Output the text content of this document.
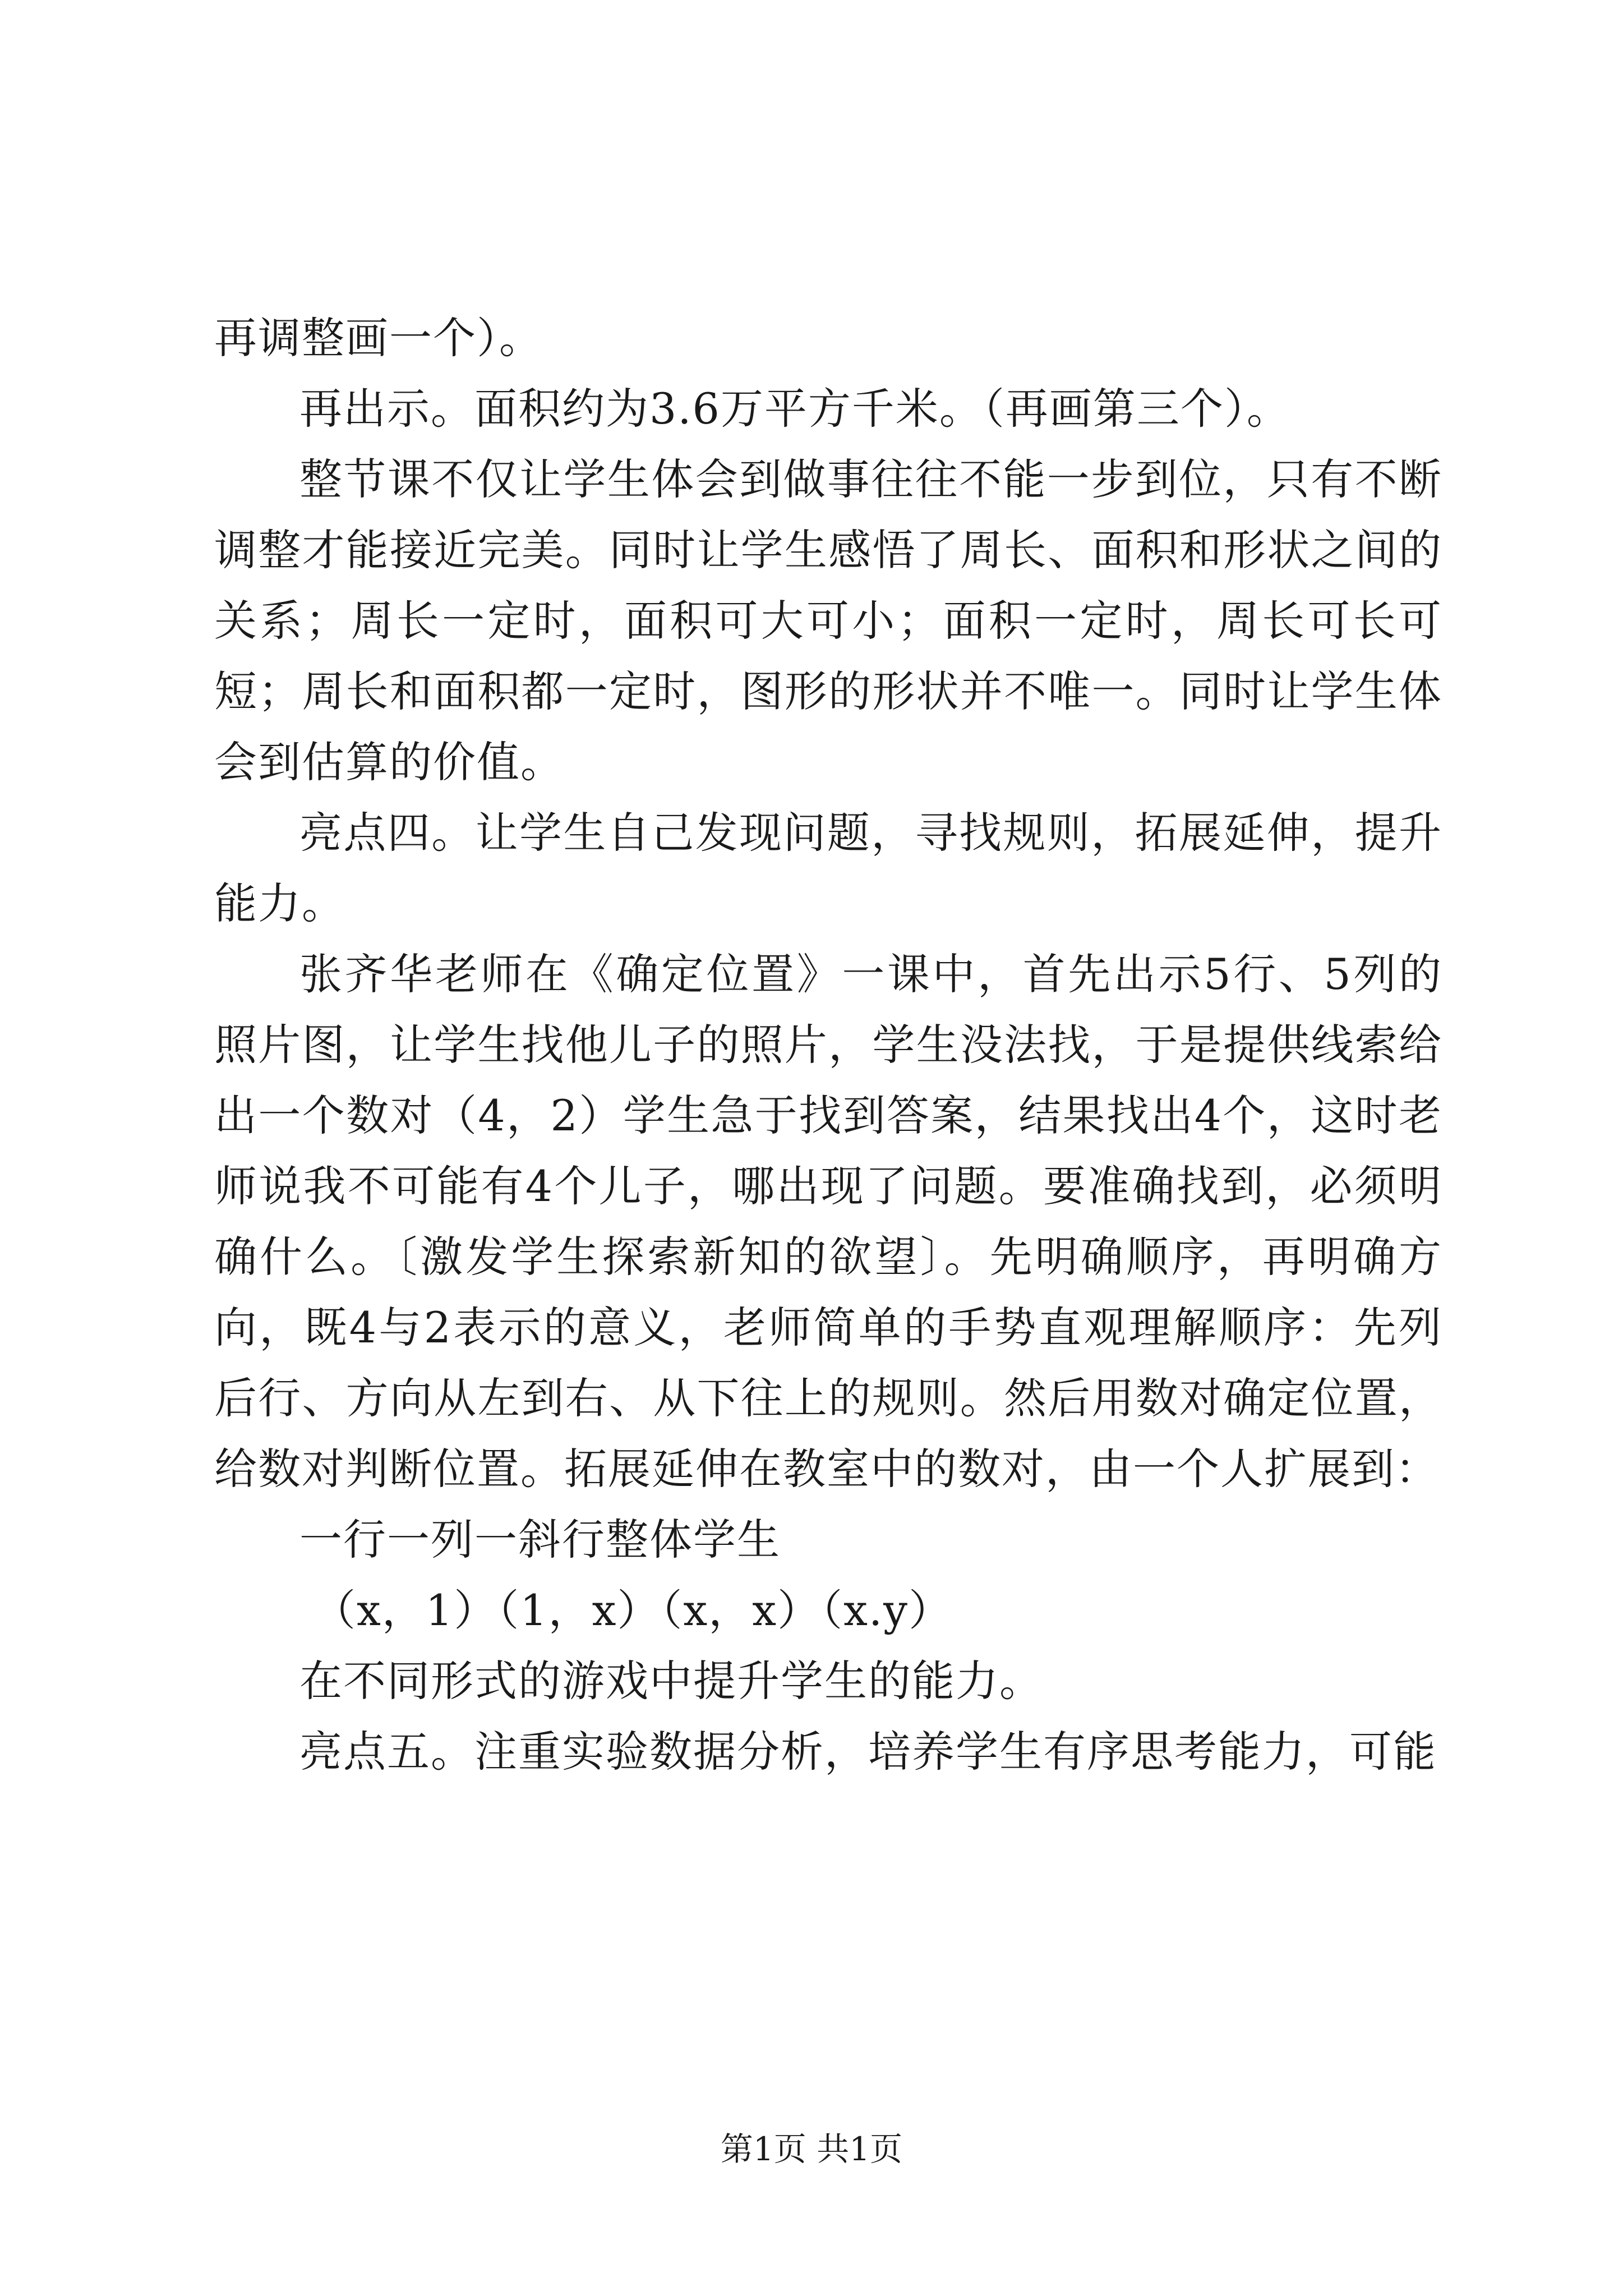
再调整画一个）。

再出示。面积约为3.6万平方千米。（再画第三个）。

整节课不仅让学生体会到做事往往不能一步到位，只有不断调整才能接近完美。同时让学生感悟了周长、面积和形状之间的关系；周长一定时，面积可大可小；面积一定时，周长可长可短；周长和面积都一定时，图形的形状并不唯一。同时让学生体会到估算的价值。

亮点四。让学生自己发现问题，寻找规则，拓展延伸，提升能力。

张齐华老师在《确定位置》一课中，首先出示5行、5列的照片图，让学生找他儿子的照片，学生没法找，于是提供线索给出一个数对（4，2）学生急于找到答案，结果找出4个，这时老师说我不可能有4个儿子，哪出现了问题。要准确找到，必须明确什么。〔激发学生探索新知的欲望〕。先明确顺序，再明确方向，既4与2表示的意义，老师简单的手势直观理解顺序：先列后行、方向从左到右、从下往上的规则。然后用数对确定位置，给数对判断位置。拓展延伸在教室中的数对，由一个人扩展到：

一行一列一斜行整体学生

（x，1）（1，x）（x，x）（x.y）

在不同形式的游戏中提升学生的能力。

亮点五。注重实验数据分析，培养学生有序思考能力，可能

第1页 共1页
